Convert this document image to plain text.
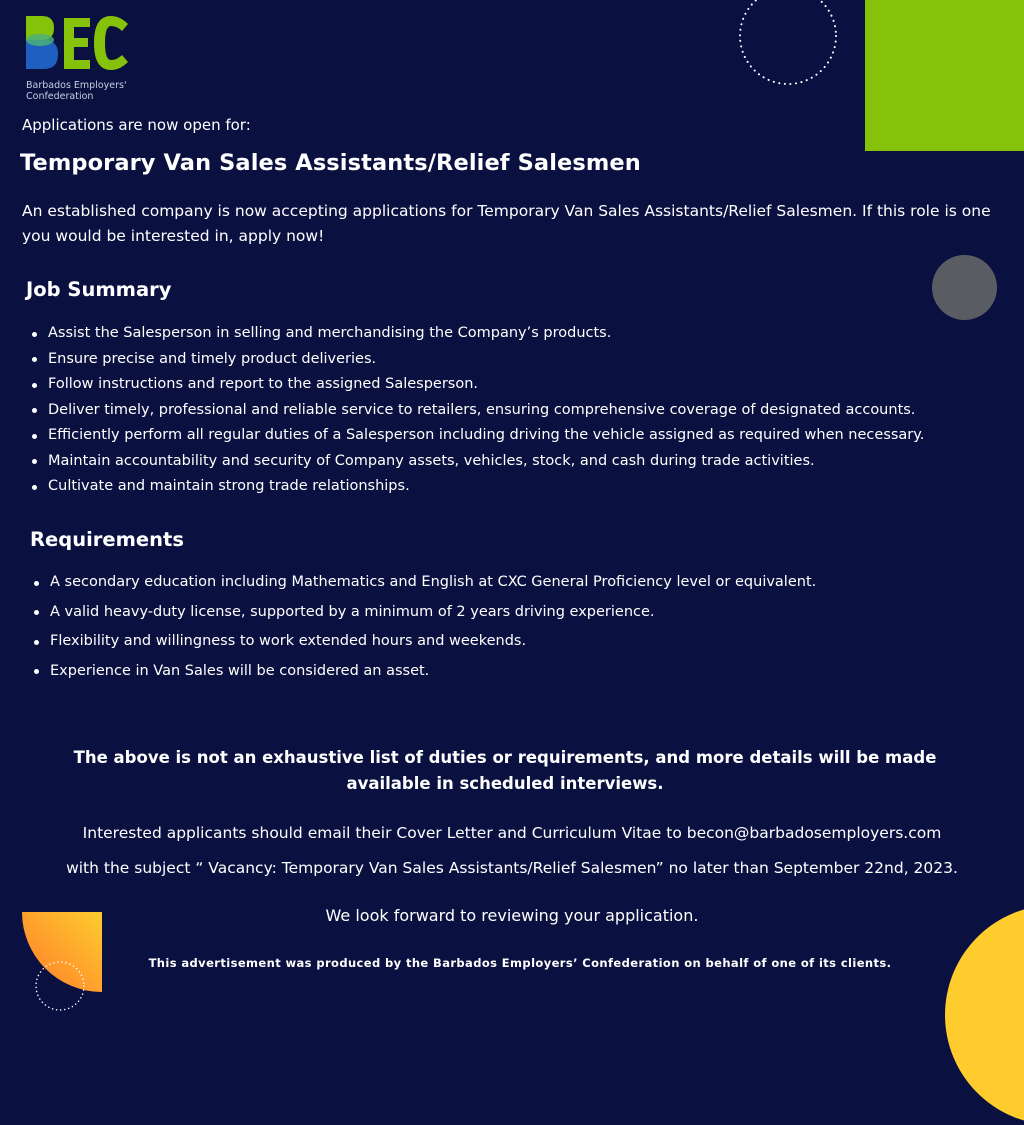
Barbados Employers'
Confederation
Applications are now open for:
Temporary Van Sales Assistants/Relief Salesmen
An established company is now accepting applications for Temporary Van Sales Assistants/Relief Salesmen. If this role is one you would be interested in, apply now!
Job Summary
Assist the Salesperson in selling and merchandising the Company’s products.
Ensure precise and timely product deliveries.
Follow instructions and report to the assigned Salesperson.
Deliver timely, professional and reliable service to retailers, ensuring comprehensive coverage of designated accounts.
Efficiently perform all regular duties of a Salesperson including driving the vehicle assigned as required when necessary.
Maintain accountability and security of Company assets, vehicles, stock, and cash during trade activities.
Cultivate and maintain strong trade relationships.
Requirements
A secondary education including Mathematics and English at CXC General Proficiency level or equivalent.
A valid heavy-duty license, supported by a minimum of 2 years driving experience.
Flexibility and willingness to work extended hours and weekends.
Experience in Van Sales will be considered an asset.
The above is not an exhaustive list of duties or requirements, and more details will be made available in scheduled interviews.
Interested applicants should email their Cover Letter and Curriculum Vitae to becon@barbadosemployers.com
with the subject “ Vacancy: Temporary Van Sales Assistants/Relief Salesmen” no later than September 22nd, 2023.
We look forward to reviewing your application.
This advertisement was produced by the Barbados Employers’ Confederation on behalf of one of its clients.
